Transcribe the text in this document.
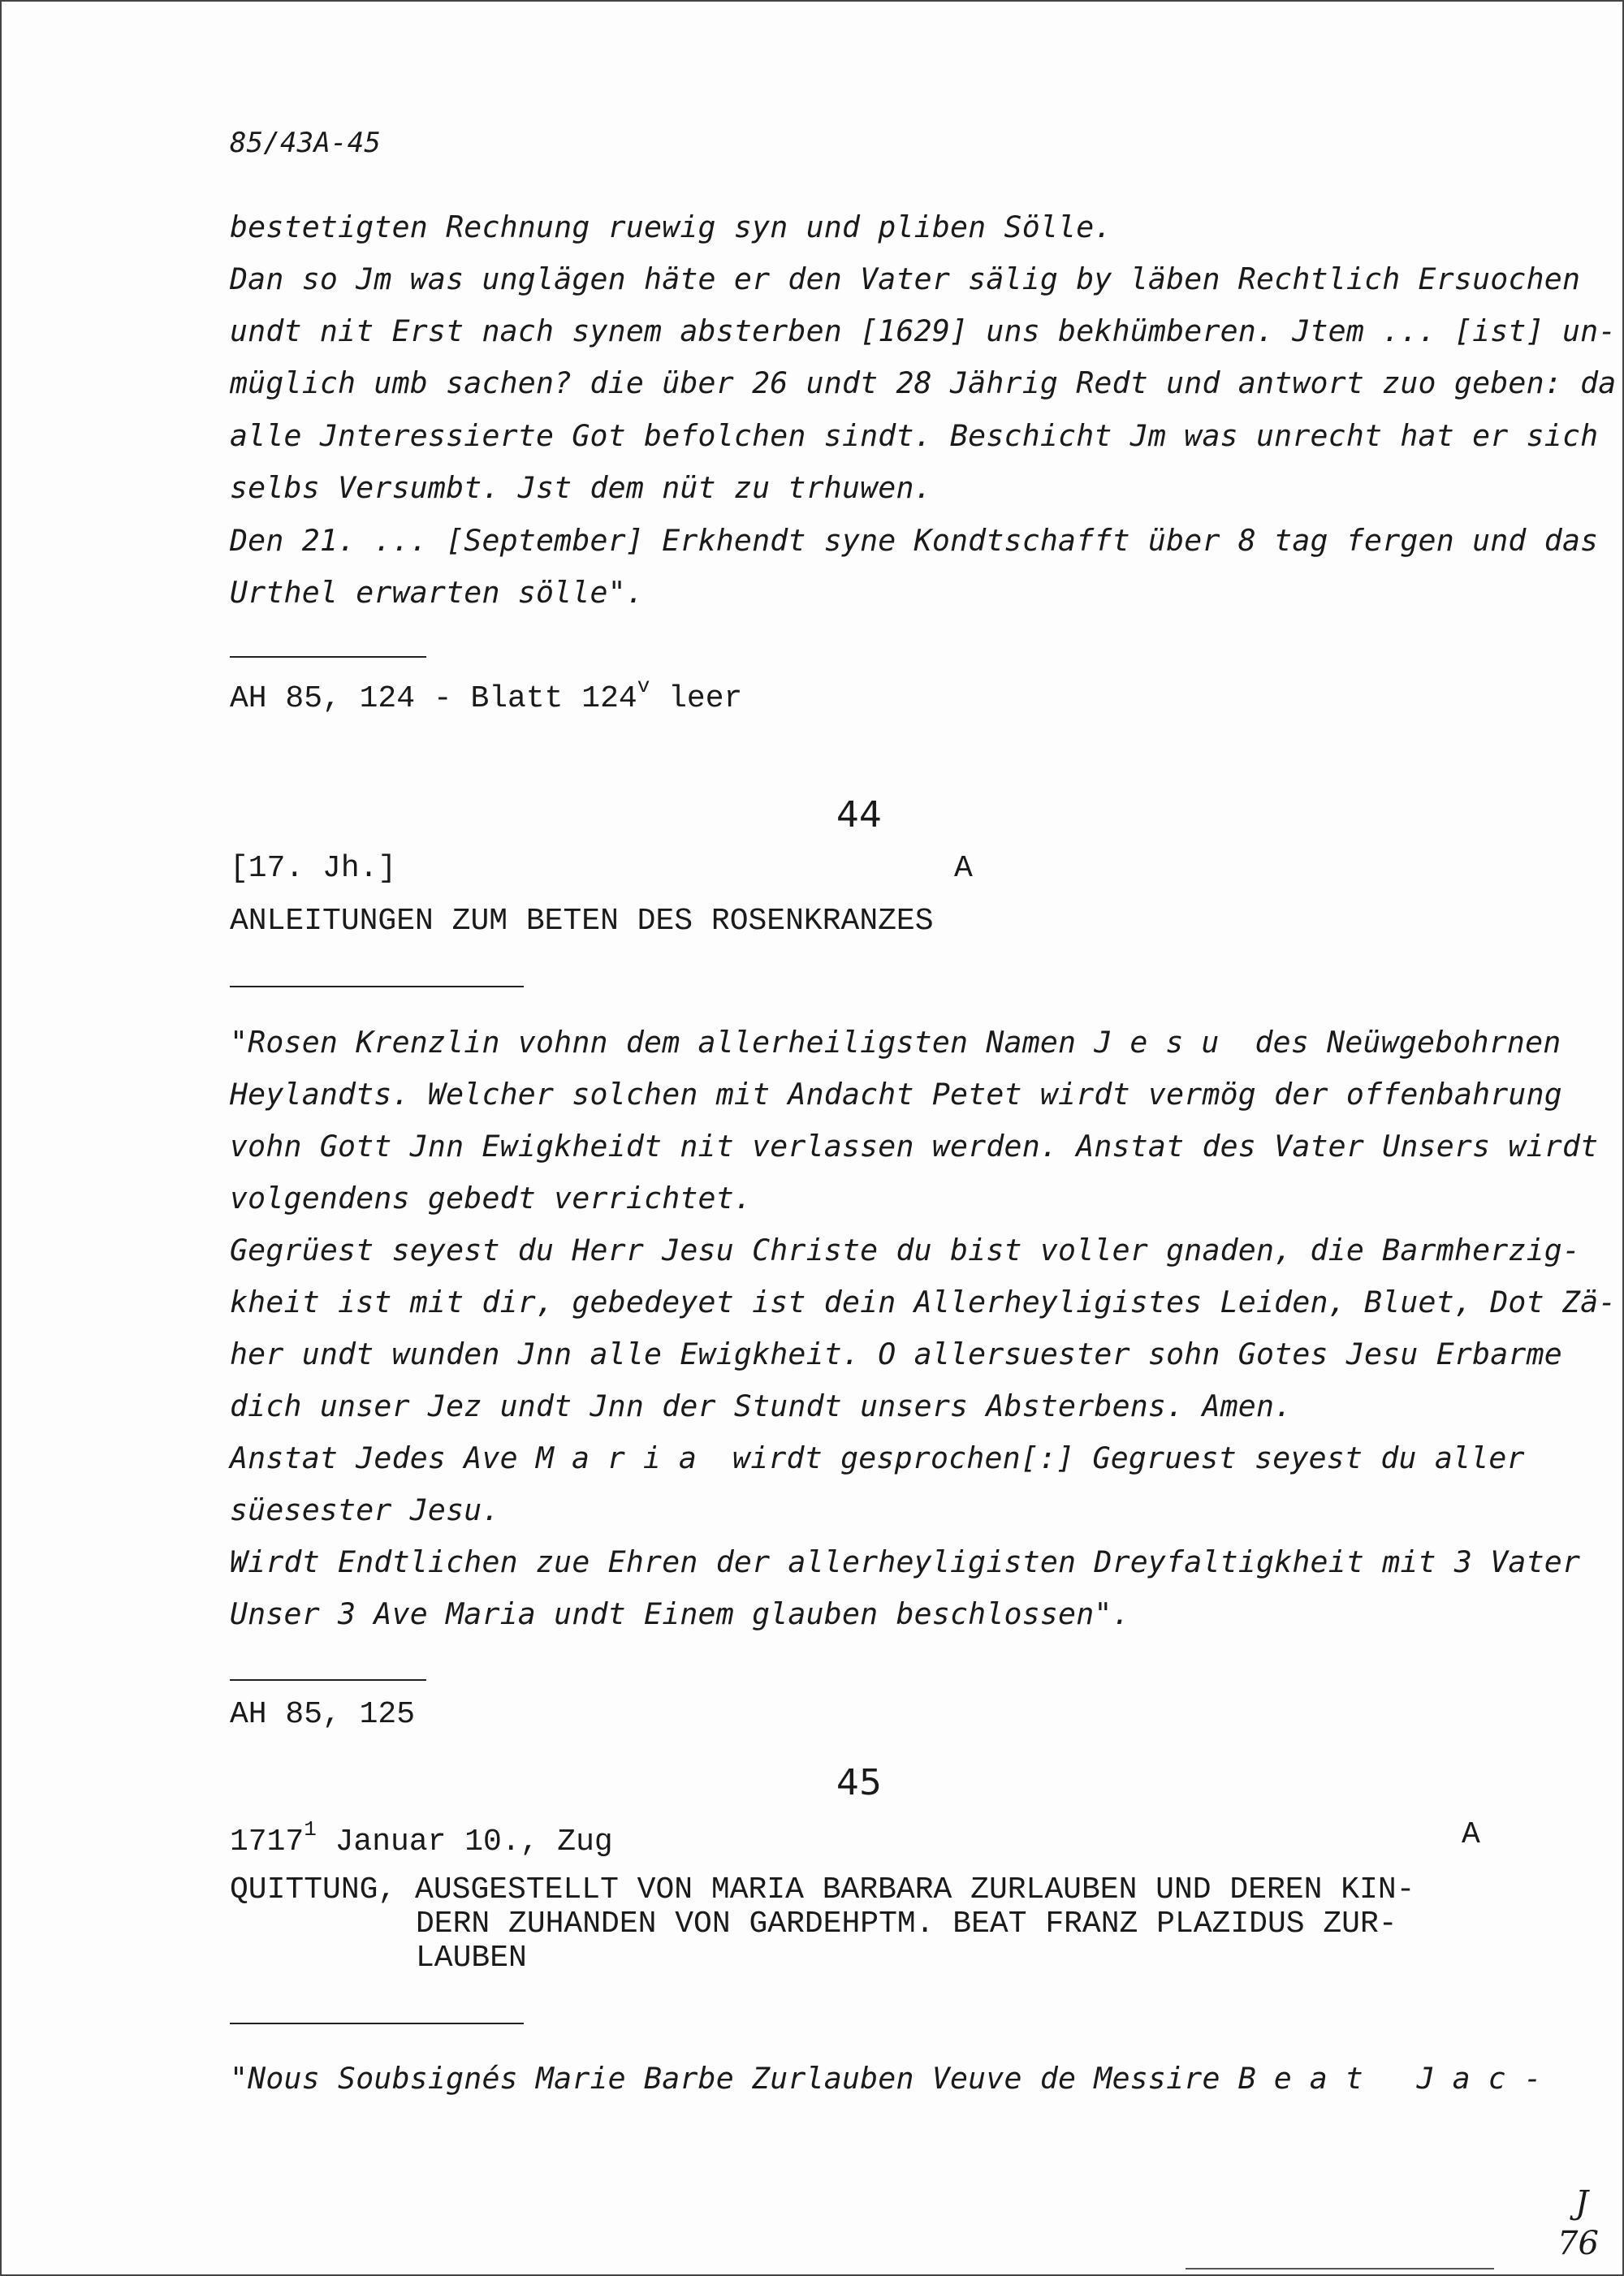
85/43A-45
bestetigten Rechnung ruewig syn und pliben Sölle.
Dan so Jm was unglägen häte er den Vater sälig by läben Rechtlich Ersuochen
undt nit Erst nach synem absterben [1629] uns bekhümberen. Jtem ... [ist] un-
müglich umb sachen? die über 26 undt 28 Jährig Redt und antwort zuo geben: da
alle Jnteressierte Got befolchen sindt. Beschicht Jm was unrecht hat er sich
selbs Versumbt. Jst dem nüt zu trhuwen.
Den 21. ... [September] Erkhendt syne Kondtschafft über 8 tag fergen und das
Urthel erwarten sölle".
AH 85, 124 - Blatt 124$^v$ leer
44
[17. Jh.]	A
ANLEITUNGEN ZUM BETEN DES ROSENKRANZES
"Rosen Krenzlin vohnn dem allerheiligsten Namen Jesu des Neüwgebohrnen
Heylandts. Welcher solchen mit Andacht Petet wirdt vermög der offenbahrung
vohn Gott Jnn Ewigkheidt nit verlassen werden. Anstat des Vater Unsers wirdt
volgendens gebedt verrichtet.
Gegrüest seyest du Herr Jesu Christe du bist voller gnaden, die Barmherzig-
kheit ist mit dir, gebedeyet ist dein Allerheyligistes Leiden, Bluet, Dot Zä-
her undt wunden Jnn alle Ewigkheit. O allersuester sohn Gotes Jesu Erbarme
dich unser Jez undt Jnn der Stundt unsers Absterbens. Amen.
Anstat Jedes Ave Maria wirdt gesprochen[:] Gegruest seyest du aller
süesester Jesu.
Wirdt Endtlichen zue Ehren der allerheyligisten Dreyfaltigkheit mit 3 Vater
Unser 3 Ave Maria undt Einem glauben beschlossen".
AH 85, 125
45
1717$^1$ Januar 10., Zug	A
QUITTUNG, AUSGESTELLT VON MARIA BARBARA ZURLAUBEN UND DEREN KIN-
DERN ZUHANDEN VON GARDEHPTM. BEAT FRANZ PLAZIDUS ZUR-
LAUBEN
"Nous Soubsignés Marie Barbe Zurlauben Veuve de Messire Beat Jac-
J
76
